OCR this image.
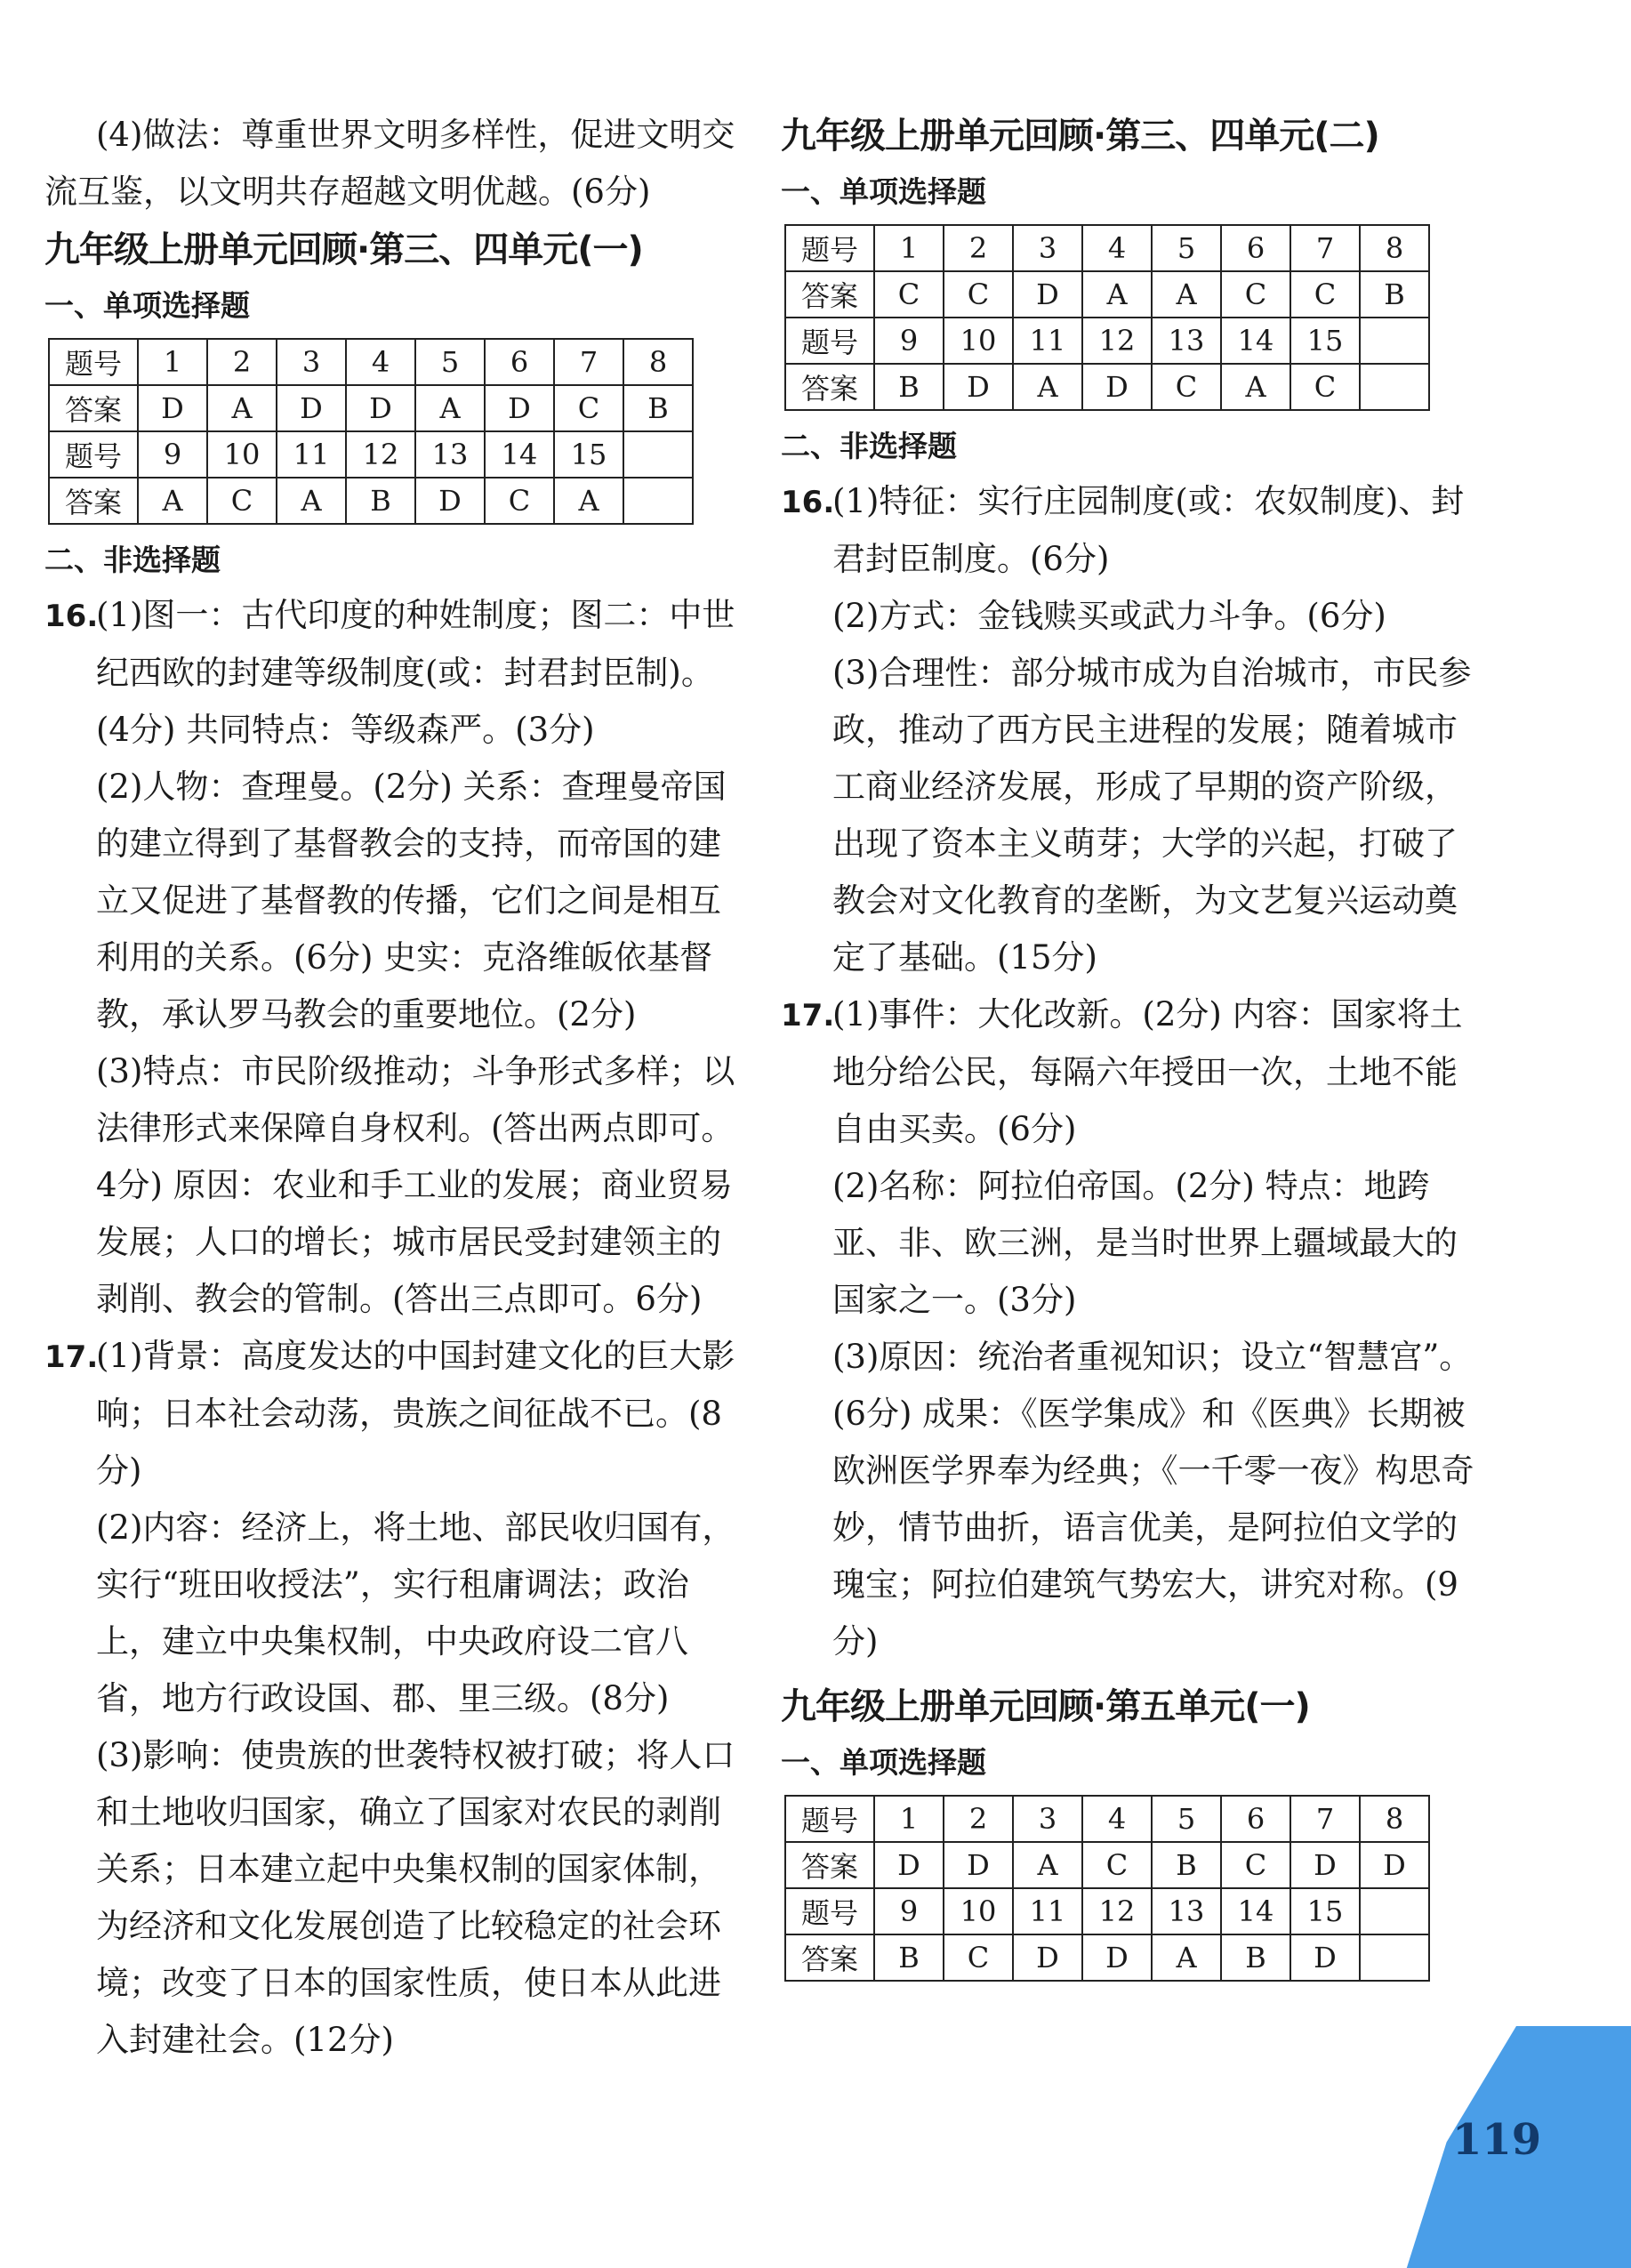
(4)做法：尊重世界文明多样性，促进文明交

流互鉴，以文明共存超越文明优越。(6分)

九年级上册单元回顾·第三、四单元(一)

一、单项选择题

题号	1	2	3	4	5	6	7	8
答案	D	A	D	D	A	D	C	B
题号	9	10	11	12	13	14	15	
答案	A	C	A	B	D	C	A	

二、非选择题

16.(1)图一：古代印度的种姓制度；图二：中世纪西欧的封建等级制度(或：封君封臣制)。(4分) 共同特点：等级森严。(3分)

(2)人物：查理曼。(2分) 关系：查理曼帝国的建立得到了基督教会的支持，而帝国的建立又促进了基督教的传播，它们之间是相互利用的关系。(6分) 史实：克洛维皈依基督教，承认罗马教会的重要地位。(2分)

(3)特点：市民阶级推动；斗争形式多样；以法律形式来保障自身权利。(答出两点即可。4分) 原因：农业和手工业的发展；商业贸易发展；人口的增长；城市居民受封建领主的剥削、教会的管制。(答出三点即可。6分)

17.(1)背景：高度发达的中国封建文化的巨大影响；日本社会动荡，贵族之间征战不已。(8分)

(2)内容：经济上，将土地、部民收归国有，实行“班田收授法”，实行租庸调法；政治上，建立中央集权制，中央政府设二官八省，地方行政设国、郡、里三级。(8分)

(3)影响：使贵族的世袭特权被打破；将人口和土地收归国家，确立了国家对农民的剥削关系；日本建立起中央集权制的国家体制，为经济和文化发展创造了比较稳定的社会环境；改变了日本的国家性质，使日本从此进入封建社会。(12分)

九年级上册单元回顾·第三、四单元(二)

一、单项选择题

题号	1	2	3	4	5	6	7	8
答案	C	C	D	A	A	C	C	B
题号	9	10	11	12	13	14	15	
答案	B	D	A	D	C	A	C	

二、非选择题

16.(1)特征：实行庄园制度(或：农奴制度)、封君封臣制度。(6分)

(2)方式：金钱赎买或武力斗争。(6分)

(3)合理性：部分城市成为自治城市，市民参政，推动了西方民主进程的发展；随着城市工商业经济发展，形成了早期的资产阶级，出现了资本主义萌芽；大学的兴起，打破了教会对文化教育的垄断，为文艺复兴运动奠定了基础。(15分)

17.(1)事件：大化改新。(2分) 内容：国家将土地分给公民，每隔六年授田一次，土地不能自由买卖。(6分)

(2)名称：阿拉伯帝国。(2分) 特点：地跨亚、非、欧三洲，是当时世界上疆域最大的国家之一。(3分)

(3)原因：统治者重视知识；设立“智慧宫”。(6分) 成果：《医学集成》和《医典》长期被欧洲医学界奉为经典；《一千零一夜》构思奇妙，情节曲折，语言优美，是阿拉伯文学的瑰宝；阿拉伯建筑气势宏大，讲究对称。(9分)

九年级上册单元回顾·第五单元(一)

一、单项选择题

题号	1	2	3	4	5	6	7	8
答案	D	D	A	C	B	C	D	D
题号	9	10	11	12	13	14	15	
答案	B	C	D	D	A	B	D	
119
